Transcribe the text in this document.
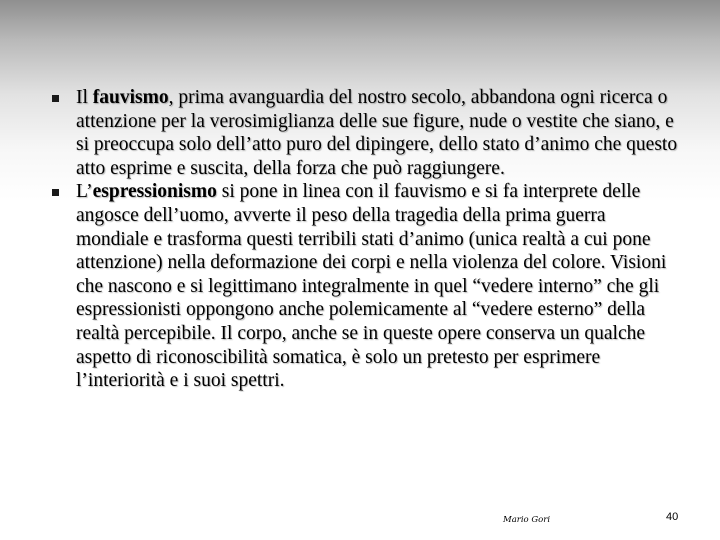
Il fauvismo, prima avanguardia del nostro secolo, abbandona ogni ricerca o attenzione per la verosimiglianza delle sue figure, nude o vestite che siano, e si preoccupa solo dell’atto puro del dipingere, dello stato d’animo che questo atto esprime e suscita, della forza che può raggiungere.
L’espressionismo si pone in linea con il fauvismo e si fa interprete delle angosce dell’uomo, avverte il peso della tragedia della prima guerra mondiale e trasforma questi terribili stati d’animo (unica realtà a cui pone attenzione) nella deformazione dei corpi e nella violenza del colore. Visioni che nascono e si legittimano integralmente in quel “vedere interno” che gli espressionisti oppongono anche polemicamente al “vedere esterno” della realtà percepibile. Il corpo, anche se in queste opere conserva un qualche aspetto di riconoscibilità somatica, è solo un pretesto per esprimere l’interiorità e i suoi spettri.
Mario Gori	40
